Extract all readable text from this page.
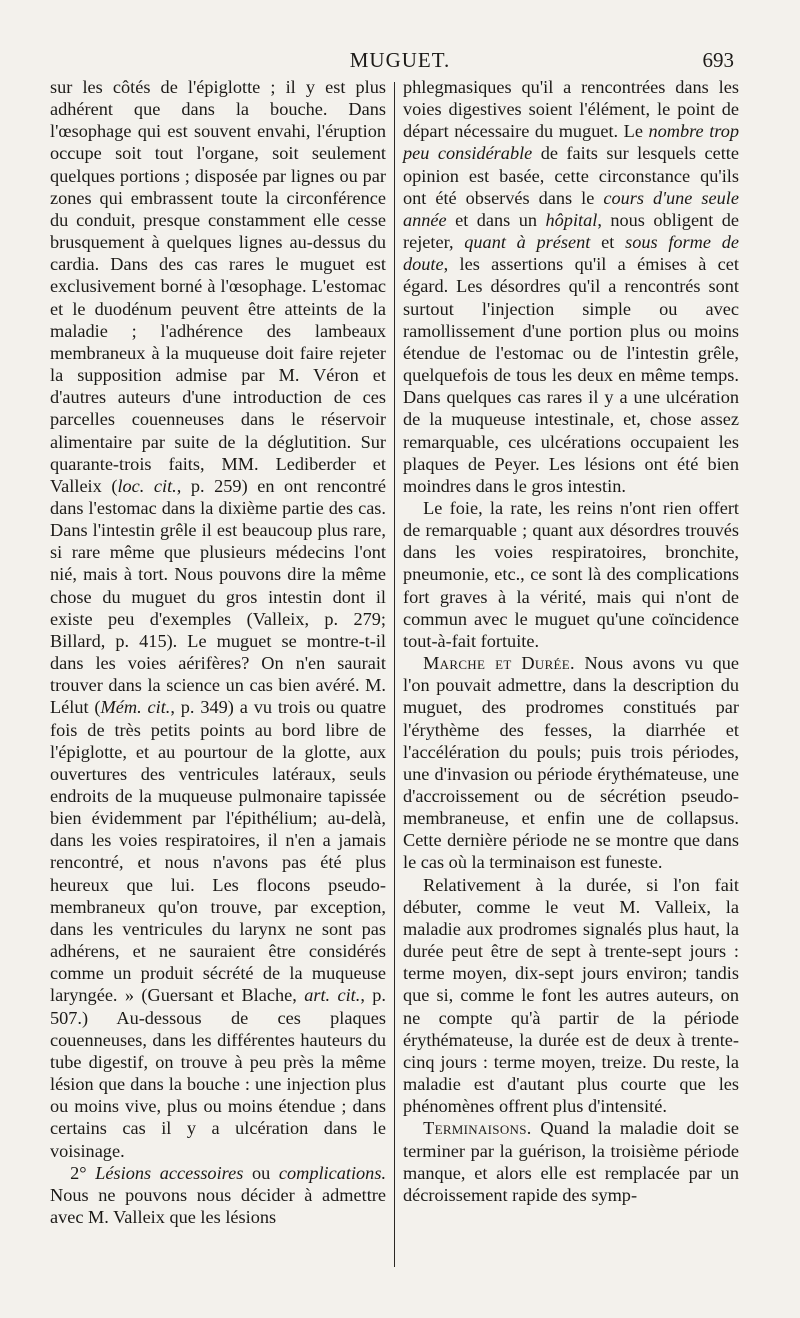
MUGUET.	693

sur les côtés de l'épiglotte ; il y est plus adhérent que dans la bouche. Dans l'œsophage qui est souvent envahi, l'éruption occupe soit tout l'organe, soit seulement quelques portions ; disposée par lignes ou par zones qui embrassent toute la circonférence du conduit, presque constamment elle cesse brusquement à quelques lignes au-dessus du cardia. Dans des cas rares le muguet est exclusivement borné à l'œsophage. L'estomac et le duodénum peuvent être atteints de la maladie ; l'adhérence des lambeaux membraneux à la muqueuse doit faire rejeter la supposition admise par M. Véron et d'autres auteurs d'une introduction de ces parcelles couenneuses dans le réservoir alimentaire par suite de la déglutition. Sur quarante-trois faits, MM. Lediberder et Valleix (loc. cit., p. 259) en ont rencontré dans l'estomac dans la dixième partie des cas. Dans l'intestin grêle il est beaucoup plus rare, si rare même que plusieurs médecins l'ont nié, mais à tort. Nous pouvons dire la même chose du muguet du gros intestin dont il existe peu d'exemples (Valleix, p. 279; Billard, p. 415). Le muguet se montre-t-il dans les voies aérifères? On n'en saurait trouver dans la science un cas bien avéré. M. Lélut (Mém. cit., p. 349) a vu trois ou quatre fois de très petits points au bord libre de l'épiglotte, et au pourtour de la glotte, aux ouvertures des ventricules latéraux, seuls endroits de la muqueuse pulmonaire tapissée bien évidemment par l'épithélium; au-delà, dans les voies respiratoires, il n'en a jamais rencontré, et nous n'avons pas été plus heureux que lui. Les flocons pseudo-membraneux qu'on trouve, par exception, dans les ventricules du larynx ne sont pas adhérens, et ne sauraient être considérés comme un produit sécrété de la muqueuse laryngée. » (Guersant et Blache, art. cit., p. 507.) Au-dessous de ces plaques couenneuses, dans les différentes hauteurs du tube digestif, on trouve à peu près la même lésion que dans la bouche : une injection plus ou moins vive, plus ou moins étendue ; dans certains cas il y a ulcération dans le voisinage.

2° Lésions accessoires ou complications. Nous ne pouvons nous décider à admettre avec M. Valleix que les lésions

phlegmasiques qu'il a rencontrées dans les voies digestives soient l'élément, le point de départ nécessaire du muguet. Le nombre trop peu considérable de faits sur lesquels cette opinion est basée, cette circonstance qu'ils ont été observés dans le cours d'une seule année et dans un hôpital, nous obligent de rejeter, quant à présent et sous forme de doute, les assertions qu'il a émises à cet égard. Les désordres qu'il a rencontrés sont surtout l'injection simple ou avec ramollissement d'une portion plus ou moins étendue de l'estomac ou de l'intestin grêle, quelquefois de tous les deux en même temps. Dans quelques cas rares il y a une ulcération de la muqueuse intestinale, et, chose assez remarquable, ces ulcérations occupaient les plaques de Peyer. Les lésions ont été bien moindres dans le gros intestin.

Le foie, la rate, les reins n'ont rien offert de remarquable ; quant aux désordres trouvés dans les voies respiratoires, bronchite, pneumonie, etc., ce sont là des complications fort graves à la vérité, mais qui n'ont de commun avec le muguet qu'une coïncidence tout-à-fait fortuite.

Marche et Durée. Nous avons vu que l'on pouvait admettre, dans la description du muguet, des prodromes constitués par l'érythème des fesses, la diarrhée et l'accélération du pouls; puis trois périodes, une d'invasion ou période érythémateuse, une d'accroissement ou de sécrétion pseudo-membraneuse, et enfin une de collapsus. Cette dernière période ne se montre que dans le cas où la terminaison est funeste.

Relativement à la durée, si l'on fait débuter, comme le veut M. Valleix, la maladie aux prodromes signalés plus haut, la durée peut être de sept à trente-sept jours : terme moyen, dix-sept jours environ; tandis que si, comme le font les autres auteurs, on ne compte qu'à partir de la période érythémateuse, la durée est de deux à trente-cinq jours : terme moyen, treize. Du reste, la maladie est d'autant plus courte que les phénomènes offrent plus d'intensité.

Terminaisons. Quand la maladie doit se terminer par la guérison, la troisième période manque, et alors elle est remplacée par un décroissement rapide des symp-
